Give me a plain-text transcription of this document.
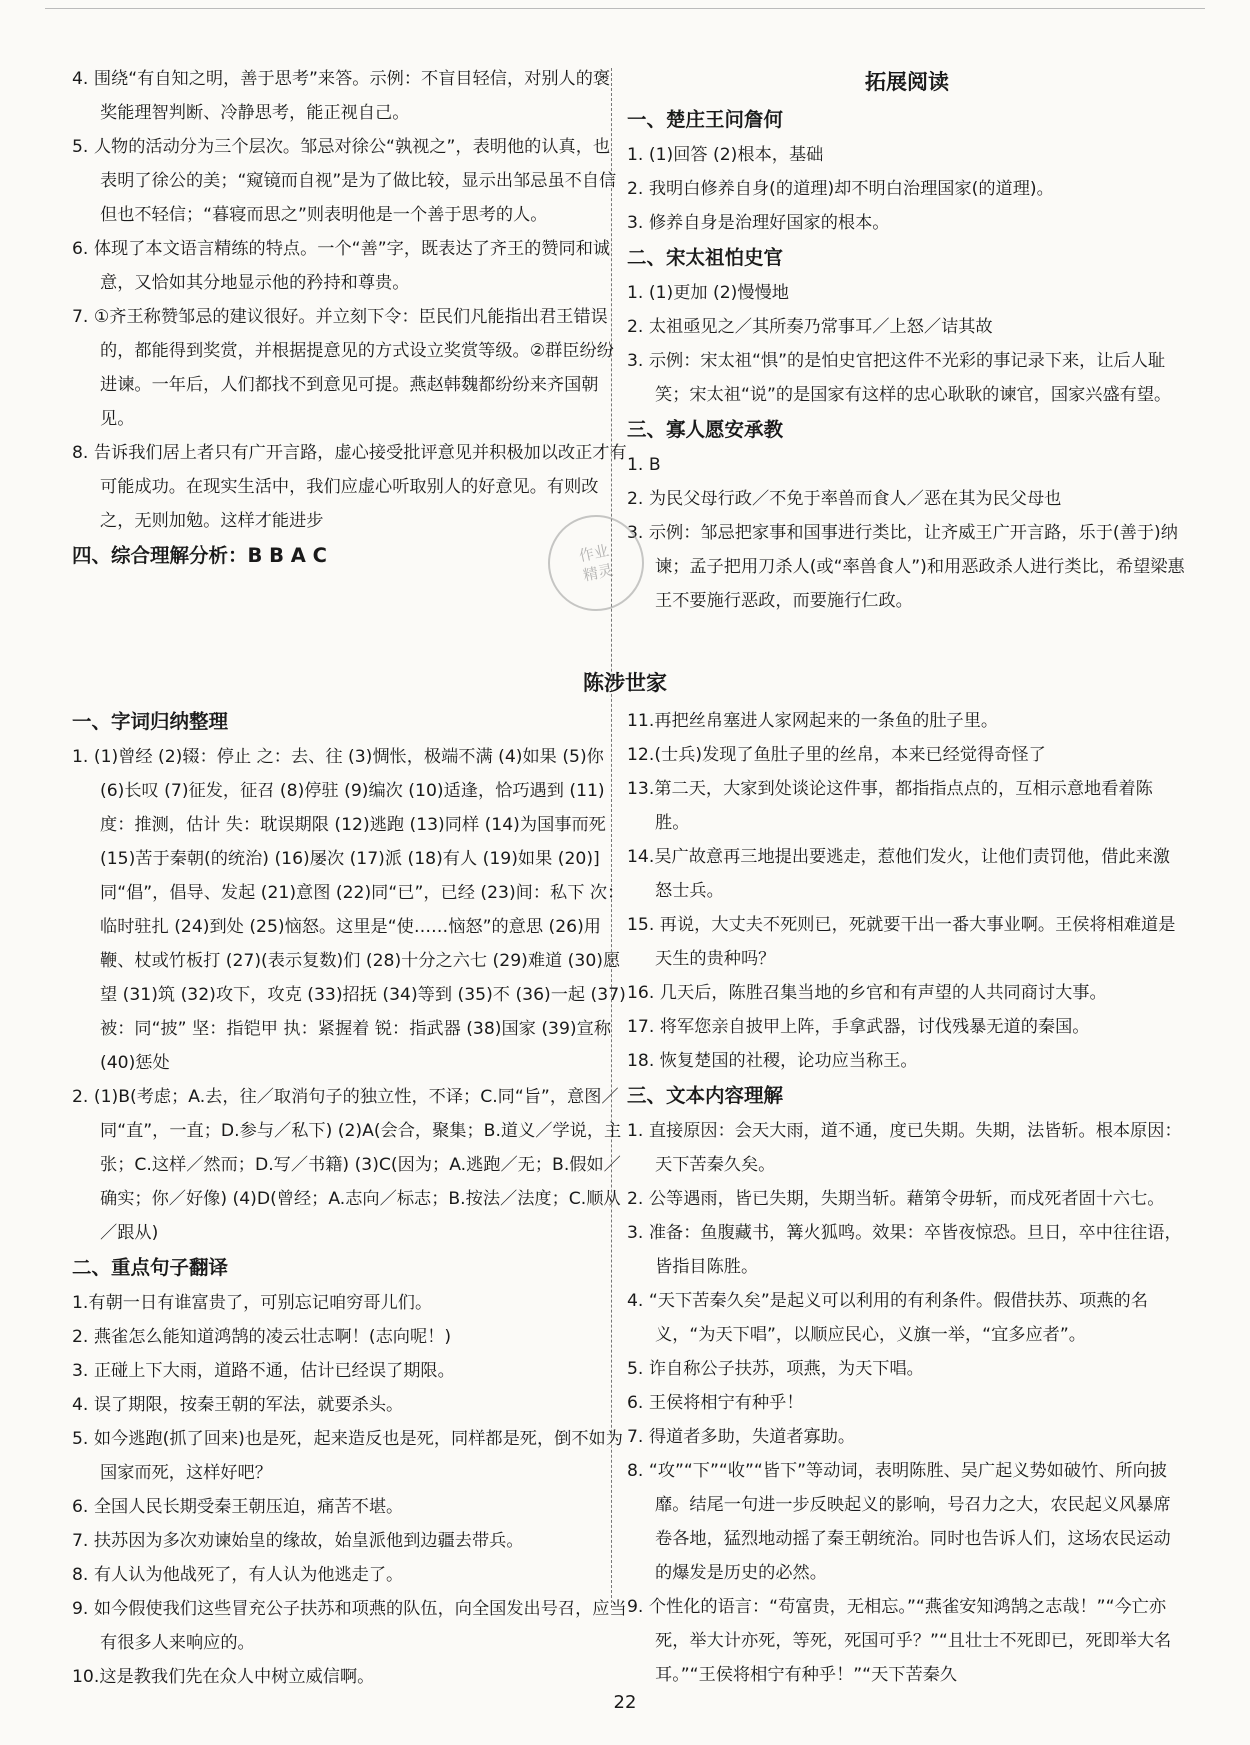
4. 围绕“有自知之明，善于思考”来答。示例：不盲目轻信，对别人的褒奖能理智判断、冷静思考，能正视自己。

5. 人物的活动分为三个层次。邹忌对徐公“孰视之”，表明他的认真，也表明了徐公的美；“窥镜而自视”是为了做比较，显示出邹忌虽不自信但也不轻信；“暮寝而思之”则表明他是一个善于思考的人。

6. 体现了本文语言精练的特点。一个“善”字，既表达了齐王的赞同和诚意，又恰如其分地显示他的矜持和尊贵。

7. ①齐王称赞邹忌的建议很好。并立刻下令：臣民们凡能指出君王错误的，都能得到奖赏，并根据提意见的方式设立奖赏等级。②群臣纷纷进谏。一年后，人们都找不到意见可提。燕赵韩魏都纷纷来齐国朝见。

8. 告诉我们居上者只有广开言路，虚心接受批评意见并积极加以改正才有可能成功。在现实生活中，我们应虚心听取别人的好意见。有则改之，无则加勉。这样才能进步

四、综合理解分析：B B A C

拓展阅读

一、楚庄王问詹何

1. (1)回答 (2)根本，基础

2. 我明白修养自身(的道理)却不明白治理国家(的道理)。

3. 修养自身是治理好国家的根本。

二、宋太祖怕史官

1. (1)更加 (2)慢慢地

2. 太祖亟见之／其所奏乃常事耳／上怒／诘其故

3. 示例：宋太祖“惧”的是怕史官把这件不光彩的事记录下来，让后人耻笑；宋太祖“说”的是国家有这样的忠心耿耿的谏官，国家兴盛有望。

三、寡人愿安承教

1. B

2. 为民父母行政／不免于率兽而食人／恶在其为民父母也

3. 示例：邹忌把家事和国事进行类比，让齐威王广开言路，乐于(善于)纳谏；孟子把用刀杀人(或“率兽食人”)和用恶政杀人进行类比，希望梁惠王不要施行恶政，而要施行仁政。

作业
精灵
陈涉世家

一、字词归纳整理

1. (1)曾经 (2)辍：停止 之：去、往 (3)惆怅，极端不满 (4)如果 (5)你 (6)长叹 (7)征发，征召 (8)停驻 (9)编次 (10)适逢，恰巧遇到 (11)度：推测，估计 失：耽误期限 (12)逃跑 (13)同样 (14)为国事而死 (15)苦于秦朝(的统治) (16)屡次 (17)派 (18)有人 (19)如果 (20)]同“倡”，倡导、发起 (21)意图 (22)同“已”，已经 (23)间：私下 次：临时驻扎 (24)到处 (25)恼怒。这里是“使……恼怒”的意思 (26)用鞭、杖或竹板打 (27)(表示复数)们 (28)十分之六七 (29)难道 (30)愿望 (31)筑 (32)攻下，攻克 (33)招抚 (34)等到 (35)不 (36)一起 (37)被：同“披” 坚：指铠甲 执：紧握着 锐：指武器 (38)国家 (39)宣称 (40)惩处

2. (1)B(考虑；A.去，往／取消句子的独立性，不译；C.同“旨”，意图／同“直”，一直；D.参与／私下) (2)A(会合，聚集；B.道义／学说，主张；C.这样／然而；D.写／书籍) (3)C(因为；A.逃跑／无；B.假如／确实；你／好像) (4)D(曾经；A.志向／标志；B.按法／法度；C.顺从／跟从)

二、重点句子翻译

1.有朝一日有谁富贵了，可别忘记咱穷哥儿们。

2. 燕雀怎么能知道鸿鹄的凌云壮志啊！(志向呢！)

3. 正碰上下大雨，道路不通，估计已经误了期限。

4. 误了期限，按秦王朝的军法，就要杀头。

5. 如今逃跑(抓了回来)也是死，起来造反也是死，同样都是死，倒不如为国家而死，这样好吧？

6. 全国人民长期受秦王朝压迫，痛苦不堪。

7. 扶苏因为多次劝谏始皇的缘故，始皇派他到边疆去带兵。

8. 有人认为他战死了，有人认为他逃走了。

9. 如今假使我们这些冒充公子扶苏和项燕的队伍，向全国发出号召，应当有很多人来响应的。

10.这是教我们先在众人中树立威信啊。

11.再把丝帛塞进人家网起来的一条鱼的肚子里。

12.(士兵)发现了鱼肚子里的丝帛，本来已经觉得奇怪了

13.第二天，大家到处谈论这件事，都指指点点的，互相示意地看着陈胜。

14.吴广故意再三地提出要逃走，惹他们发火，让他们责罚他，借此来激怒士兵。

15. 再说，大丈夫不死则已，死就要干出一番大事业啊。王侯将相难道是天生的贵种吗？

16. 几天后，陈胜召集当地的乡官和有声望的人共同商讨大事。

17. 将军您亲自披甲上阵，手拿武器，讨伐残暴无道的秦国。

18. 恢复楚国的社稷，论功应当称王。

三、文本内容理解

1. 直接原因：会天大雨，道不通，度已失期。失期，法皆斩。根本原因：天下苦秦久矣。

2. 公等遇雨，皆已失期，失期当斩。藉第令毋斩，而戍死者固十六七。

3. 准备：鱼腹藏书，篝火狐鸣。效果：卒皆夜惊恐。旦日，卒中往往语，皆指目陈胜。

4. “天下苦秦久矣”是起义可以利用的有利条件。假借扶苏、项燕的名义，“为天下唱”，以顺应民心，义旗一举，“宜多应者”。

5. 诈自称公子扶苏，项燕，为天下唱。

6. 王侯将相宁有种乎！

7. 得道者多助，失道者寡助。

8. “攻”“下”“收”“皆下”等动词，表明陈胜、吴广起义势如破竹、所向披靡。结尾一句进一步反映起义的影响，号召力之大，农民起义风暴席卷各地，猛烈地动摇了秦王朝统治。同时也告诉人们，这场农民运动的爆发是历史的必然。

9. 个性化的语言：“苟富贵，无相忘。”“燕雀安知鸿鹄之志哉！”“今亡亦死，举大计亦死，等死，死国可乎？”“且壮士不死即已，死即举大名耳。”“王侯将相宁有种乎！”“天下苦秦久

22
